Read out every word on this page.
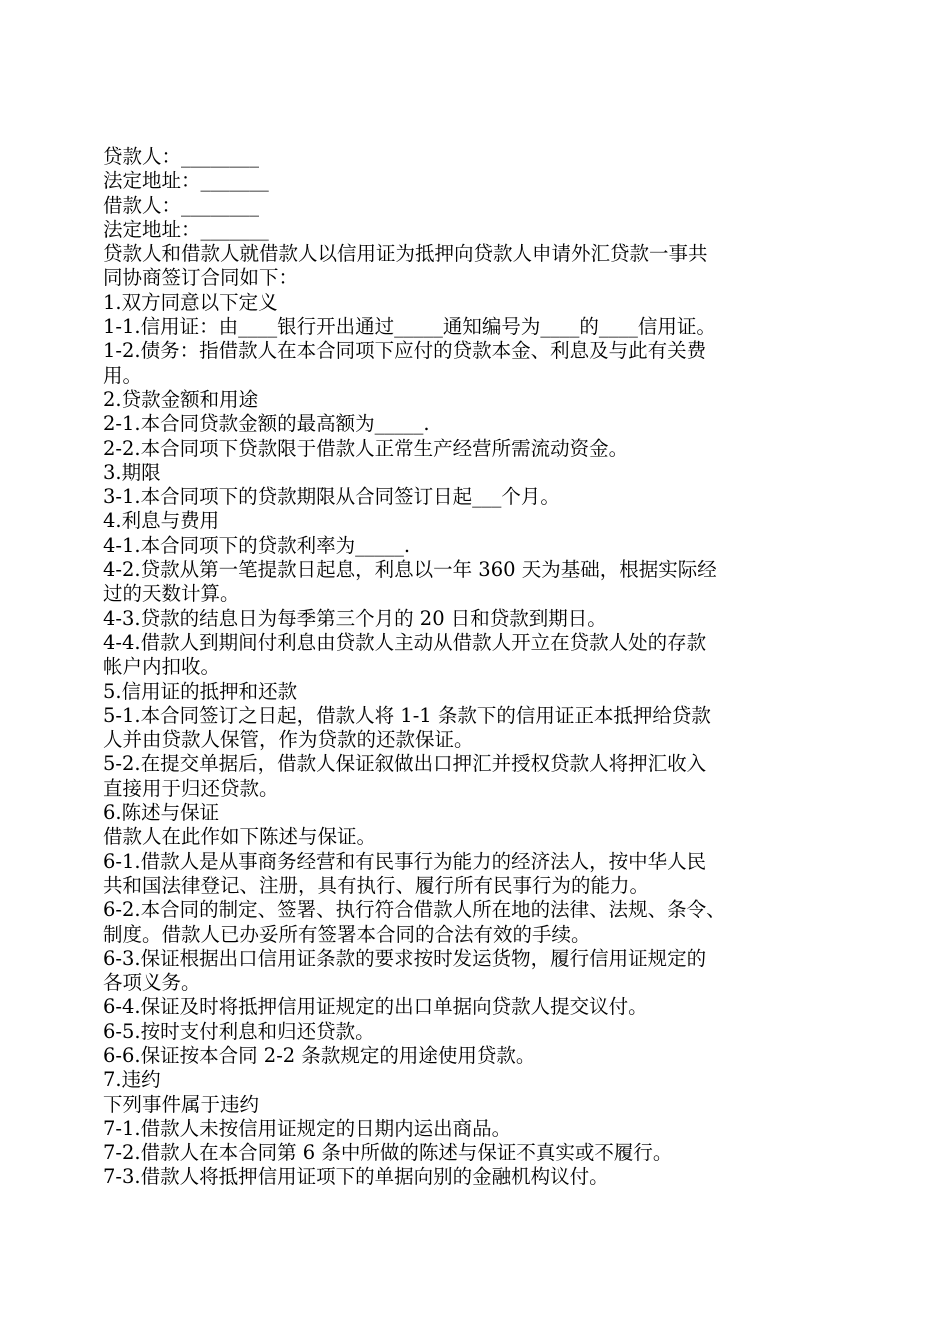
贷款人：________
法定地址：_______
借款人：________
法定地址：_______
贷款人和借款人就借款人以信用证为抵押向贷款人申请外汇贷款一事共
同协商签订合同如下：
1.双方同意以下定义
1-1.信用证：由____银行开出通过_____通知编号为____的____信用证。
1-2.债务：指借款人在本合同项下应付的贷款本金、利息及与此有关费
用。
2.贷款金额和用途
2-1.本合同贷款金额的最高额为_____.
2-2.本合同项下贷款限于借款人正常生产经营所需流动资金。
3.期限
3-1.本合同项下的贷款期限从合同签订日起___个月。
4.利息与费用
4-1.本合同项下的贷款利率为_____.
4-2.贷款从第一笔提款日起息，利息以一年 360 天为基础，根据实际经
过的天数计算。
4-3.贷款的结息日为每季第三个月的 20 日和贷款到期日。
4-4.借款人到期间付利息由贷款人主动从借款人开立在贷款人处的存款
帐户内扣收。
5.信用证的抵押和还款
5-1.本合同签订之日起，借款人将 1-1 条款下的信用证正本抵押给贷款
人并由贷款人保管，作为贷款的还款保证。
5-2.在提交单据后，借款人保证叙做出口押汇并授权贷款人将押汇收入
直接用于归还贷款。
6.陈述与保证
借款人在此作如下陈述与保证。
6-1.借款人是从事商务经营和有民事行为能力的经济法人，按中华人民
共和国法律登记、注册，具有执行、履行所有民事行为的能力。
6-2.本合同的制定、签署、执行符合借款人所在地的法律、法规、条令、
制度。借款人已办妥所有签署本合同的合法有效的手续。
6-3.保证根据出口信用证条款的要求按时发运货物，履行信用证规定的
各项义务。
6-4.保证及时将抵押信用证规定的出口单据向贷款人提交议付。
6-5.按时支付利息和归还贷款。
6-6.保证按本合同 2-2 条款规定的用途使用贷款。
7.违约
下列事件属于违约
7-1.借款人未按信用证规定的日期内运出商品。
7-2.借款人在本合同第 6 条中所做的陈述与保证不真实或不履行。
7-3.借款人将抵押信用证项下的单据向别的金融机构议付。
